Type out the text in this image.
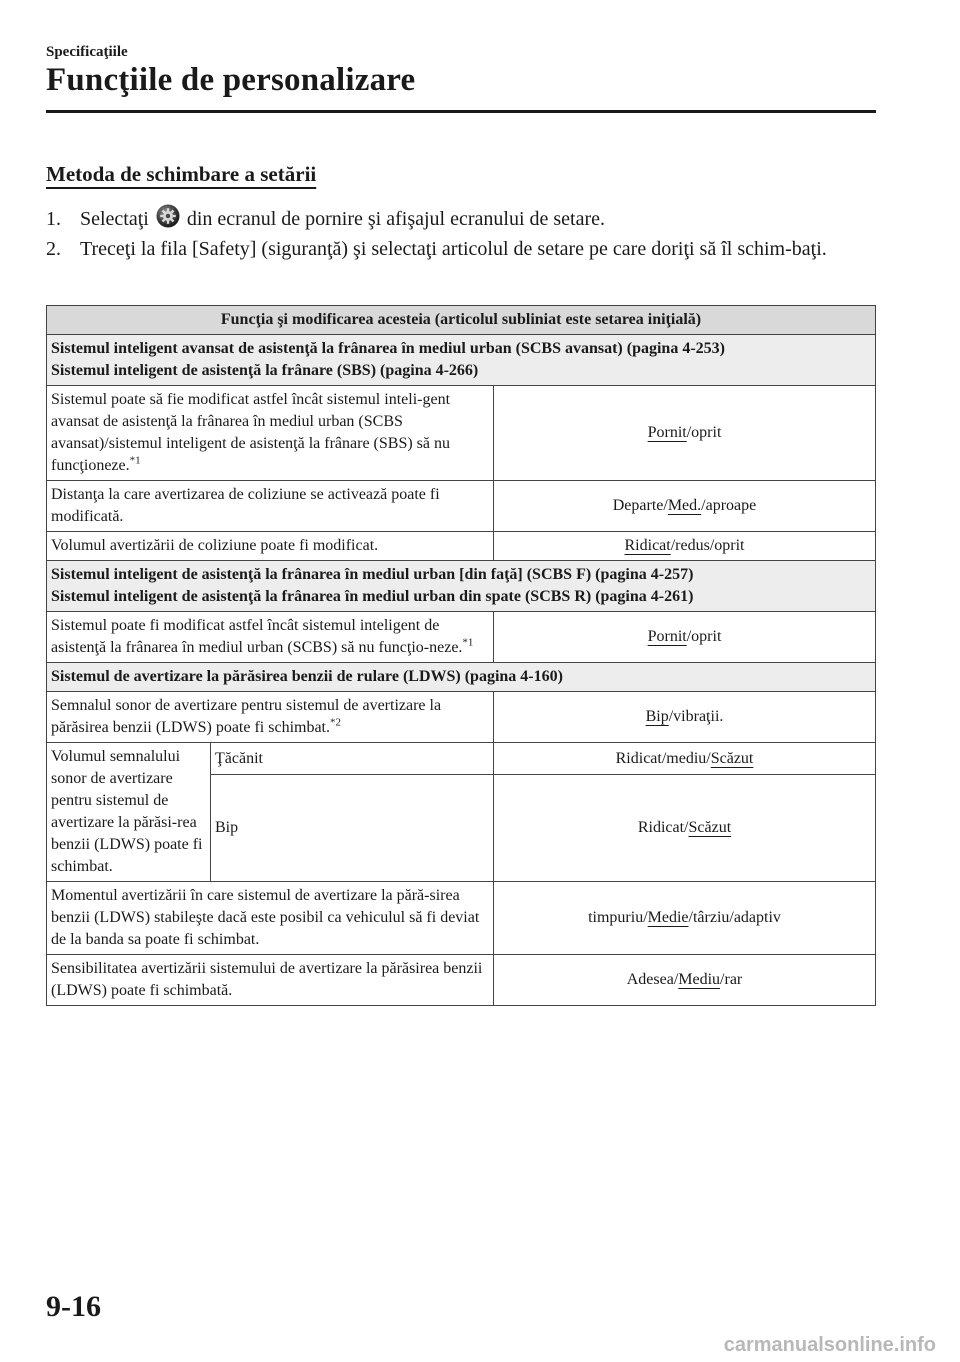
Specificaţiile
Funcţiile de personalizare
Metoda de schimbare a setării
1. Selectaţi din ecranul de pornire şi afişajul ecranului de setare.
2. Treceţi la fila [Safety] (siguranţă) şi selectaţi articolul de setare pe care doriţi să îl schim-baţi.
Funcţia şi modificarea acesteia (articolul subliniat este setarea iniţială)		

Sistemul inteligent avansat de asistenţă la frânarea în mediul urban (SCBS avansat) (pagina 4-253)
Sistemul inteligent de asistenţă la frânare (SBS) (pagina 4-266)		

Sistemul poate să fie modificat astfel încât sistemul inteli-gent avansat de asistenţă la frânarea în mediul urban (SCBS avansat)/sistemul inteligent de asistenţă la frânare (SBS) să nu funcţioneze.$^{*1}$		Pornit/oprit
Distanţa la care avertizarea de coliziune se activează poate fi modificată.		Departe/Med./aproape
Volumul avertizării de coliziune poate fi modificat.		Ridicat/redus/oprit

Sistemul inteligent de asistenţă la frânarea în mediul urban [din faţă] (SCBS F) (pagina 4-257)
Sistemul inteligent de asistenţă la frânarea în mediul urban din spate (SCBS R) (pagina 4-261)		

Sistemul poate fi modificat astfel încât sistemul inteligent de asistenţă la frânarea în mediul urban (SCBS) să nu funcţio-neze.$^{*1}$		Pornit/oprit
Sistemul de avertizare la părăsirea benzii de rulare (LDWS) (pagina 4-160)		
Semnalul sonor de avertizare pentru sistemul de avertizare la părăsirea benzii (LDWS) poate fi schimbat.$^{*2}$		Bip/vibraţii.
Volumul semnalului sonor de avertizare pentru sistemul de avertizare la părăsi-rea benzii (LDWS) poate fi schimbat.	Ţăcănit	Ridicat/mediu/Scăzut
	Bip	Ridicat/Scăzut
Momentul avertizării în care sistemul de avertizare la pără-sirea benzii (LDWS) stabileşte dacă este posibil ca vehiculul să fi deviat de la banda sa poate fi schimbat.		timpuriu/Medie/târziu/adaptiv
Sensibilitatea avertizării sistemului de avertizare la părăsirea benzii (LDWS) poate fi schimbată.		Adesea/Mediu/rar
9-16
carmanualsonline.info
